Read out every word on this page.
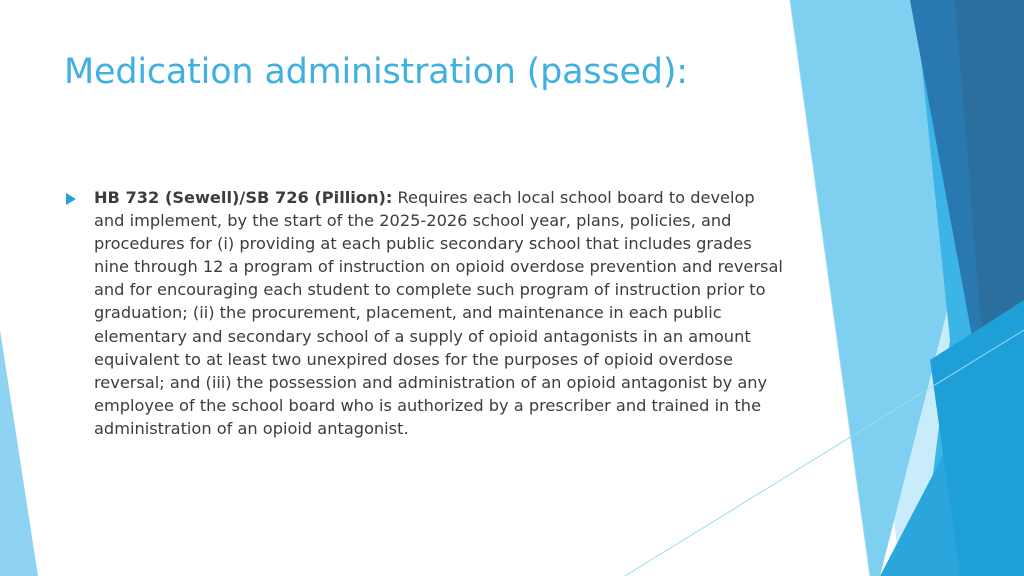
Medication administration (passed):

HB 732 (Sewell)/SB 726 (Pillion): Requires each local school board to develop and implement, by the start of the 2025-2026 school year, plans, policies, and procedures for (i) providing at each public secondary school that includes grades nine through 12 a program of instruction on opioid overdose prevention and reversal and for encouraging each student to complete such program of instruction prior to graduation; (ii) the procurement, placement, and maintenance in each public elementary and secondary school of a supply of opioid antagonists in an amount equivalent to at least two unexpired doses for the purposes of opioid overdose reversal; and (iii) the possession and administration of an opioid antagonist by any employee of the school board who is authorized by a prescriber and trained in the administration of an opioid antagonist.
